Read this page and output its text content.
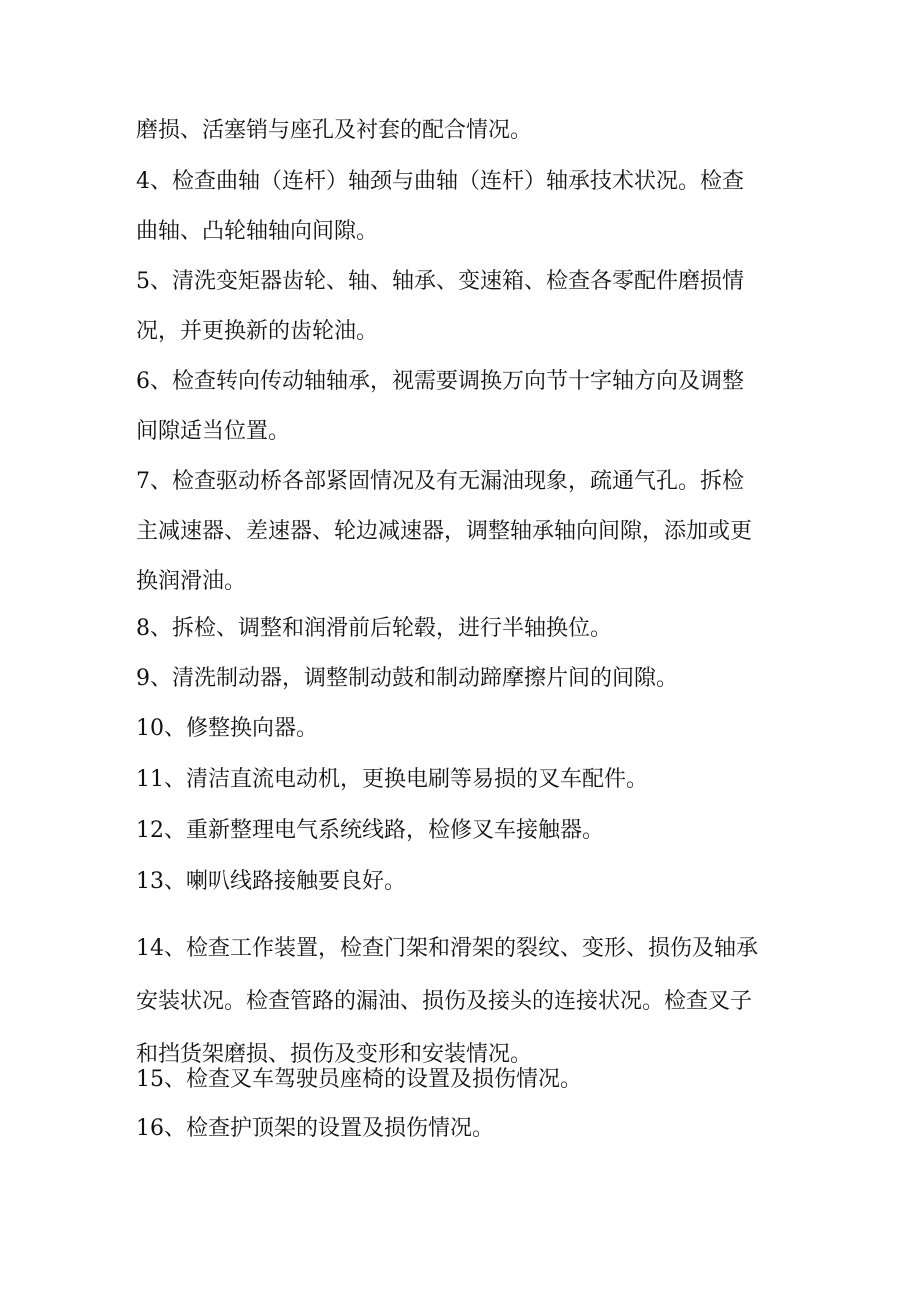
磨损、活塞销与座孔及衬套的配合情况。

4、检查曲轴（连杆）轴颈与曲轴（连杆）轴承技术状况。检查
曲轴、凸轮轴轴向间隙。

5、清洗变矩器齿轮、轴、轴承、变速箱、检查各零配件磨损情
况，并更换新的齿轮油。

6、检查转向传动轴轴承，视需要调换万向节十字轴方向及调整
间隙适当位置。

7、检查驱动桥各部紧固情况及有无漏油现象，疏通气孔。拆检
主减速器、差速器、轮边减速器，调整轴承轴向间隙，添加或更
换润滑油。

8、拆检、调整和润滑前后轮毂，进行半轴换位。

9、清洗制动器，调整制动鼓和制动蹄摩擦片间的间隙。

10、修整换向器。

11、清洁直流电动机，更换电刷等易损的叉车配件。

12、重新整理电气系统线路，检修叉车接触器。

13、喇叭线路接触要良好。

14、检查工作装置，检查门架和滑架的裂纹、变形、损伤及轴承
安装状况。检查管路的漏油、损伤及接头的连接状况。检查叉子
和挡货架磨损、损伤及变形和安装情况。

15、检查叉车驾驶员座椅的设置及损伤情况。

16、检查护顶架的设置及损伤情况。
